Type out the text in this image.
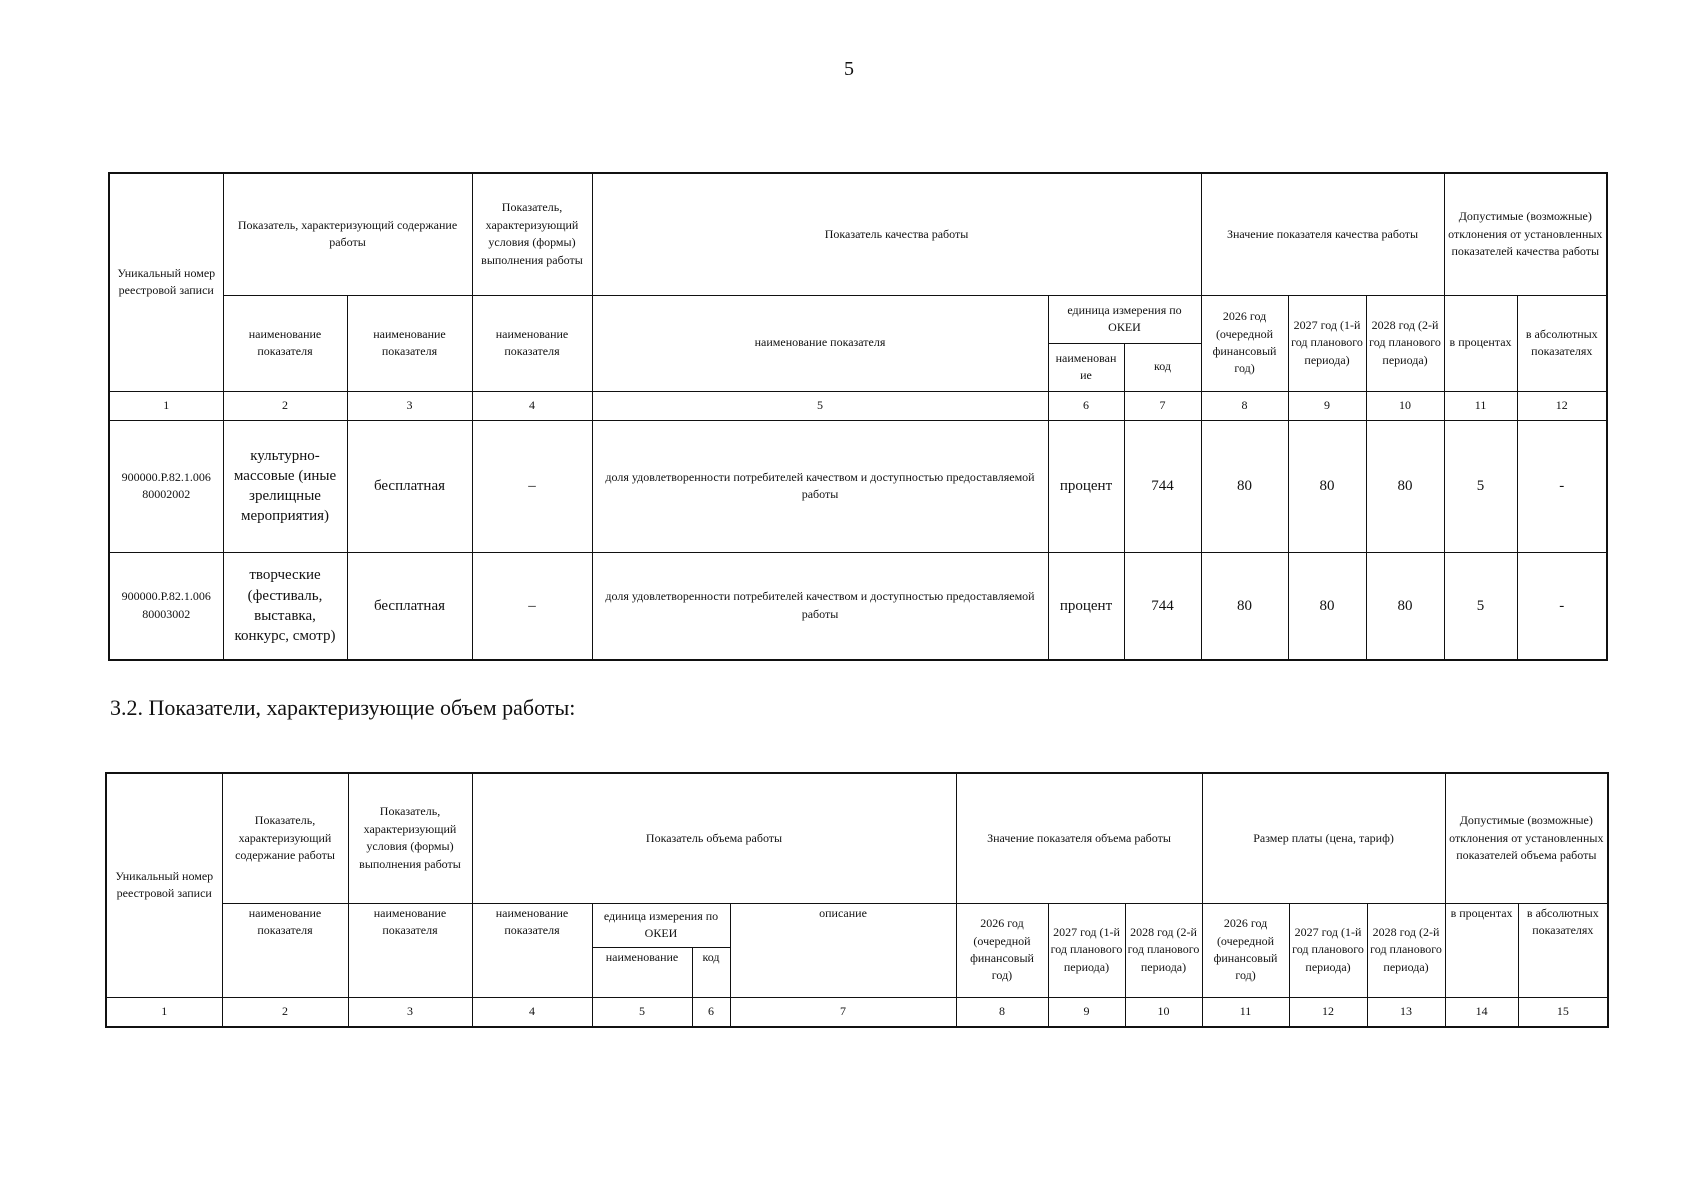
5
Уникальный номер реестровой записи	Показатель, характеризующий содержание работы		Показатель, характеризующий условия (формы) выполнения работы	Показатель качества работы			Значение показателя качества работы			Допустимые (возможные) отклонения от установленных показателей качества работы	
	наименование показателя	наименование показателя	наименование показателя	наименование показателя	единица измерения по ОКЕИ		2026 год (очередной финансовый год)	2027 год (1-й год планового периода)	2028 год (2-й год планового периода)	в процентах	в абсолютных показателях
					наименован ие	код					
1	2	3	4	5	6	7	8	9	10	11	12
900000.Р.82.1.006 80002002	культурно-массовые (иные зрелищные мероприятия)	бесплатная	–	доля удовлетворенности потребителей качеством и доступностью предоставляемой работы	процент	744	80	80	80	5	-
900000.Р.82.1.006 80003002	творческие (фестиваль, выставка, конкурс, смотр)	бесплатная	–	доля удовлетворенности потребителей качеством и доступностью предоставляемой работы	процент	744	80	80	80	5	-
3.2. Показатели, характеризующие объем работы:
Уникальный номер реестровой записи	Показатель, характеризующий содержание работы	Показатель, характеризующий условия (формы) выполнения работы	Показатель объема работы				Значение показателя объема работы			Размер платы (цена, тариф)			Допустимые (возможные) отклонения от установленных показателей объема работы	
	наименование показателя	наименование показателя	наименование показателя	единица измерения по ОКЕИ		описание	2026 год (очередной финансовый год)	2027 год (1-й год планового периода)	2028 год (2-й год планового периода)	2026 год (очередной финансовый год)	2027 год (1-й год планового периода)	2028 год (2-й год планового периода)	в процентах	в абсолютных показателях
				наименование	код									
1	2	3	4	5	6	7	8	9	10	11	12	13	14	15
